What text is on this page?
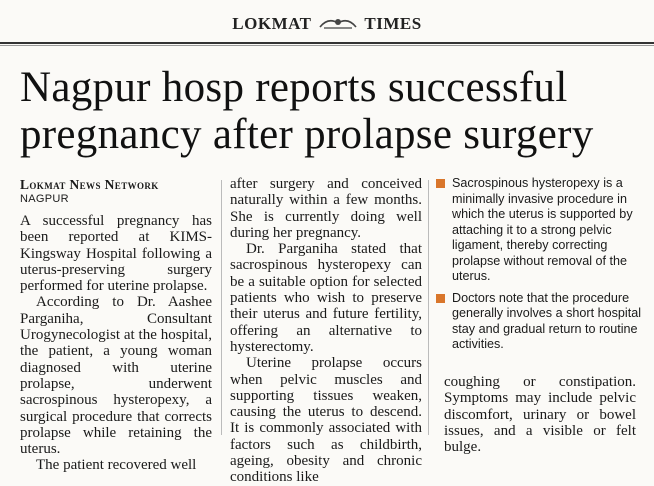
LOKMAT	TIMES
Nagpur hosp reports successful pregnancy after prolapse surgery
Lokmat News Network
NAGPUR

A successful pregnancy has been reported at KIMS-Kingsway Hospital following a uterus-preserving surgery performed for uterine prolapse.

According to Dr. Aashee Parganiha, Consultant Urogynecologist at the hospital, the patient, a young woman diagnosed with uterine prolapse, underwent sacrospinous hysteropexy, a surgical procedure that corrects prolapse while retaining the uterus.

The patient recovered well

after surgery and conceived naturally within a few months. She is currently doing well during her pregnancy.

Dr. Parganiha stated that sacrospinous hysteropexy can be a suitable option for selected patients who wish to preserve their uterus and future fertility, offering an alternative to hysterectomy.

Uterine prolapse occurs when pelvic muscles and supporting tissues weaken, causing the uterus to descend. It is commonly associated with factors such as childbirth, ageing, obesity and chronic conditions like

Sacrospinous hysteropexy is a minimally invasive procedure in which the uterus is supported by attaching it to a strong pelvic ligament, thereby correcting prolapse without removal of the uterus.
Doctors note that the procedure generally involves a short hospital stay and gradual return to routine activities.

coughing or constipation. Symptoms may include pelvic discomfort, urinary or bowel issues, and a visible or felt bulge.
